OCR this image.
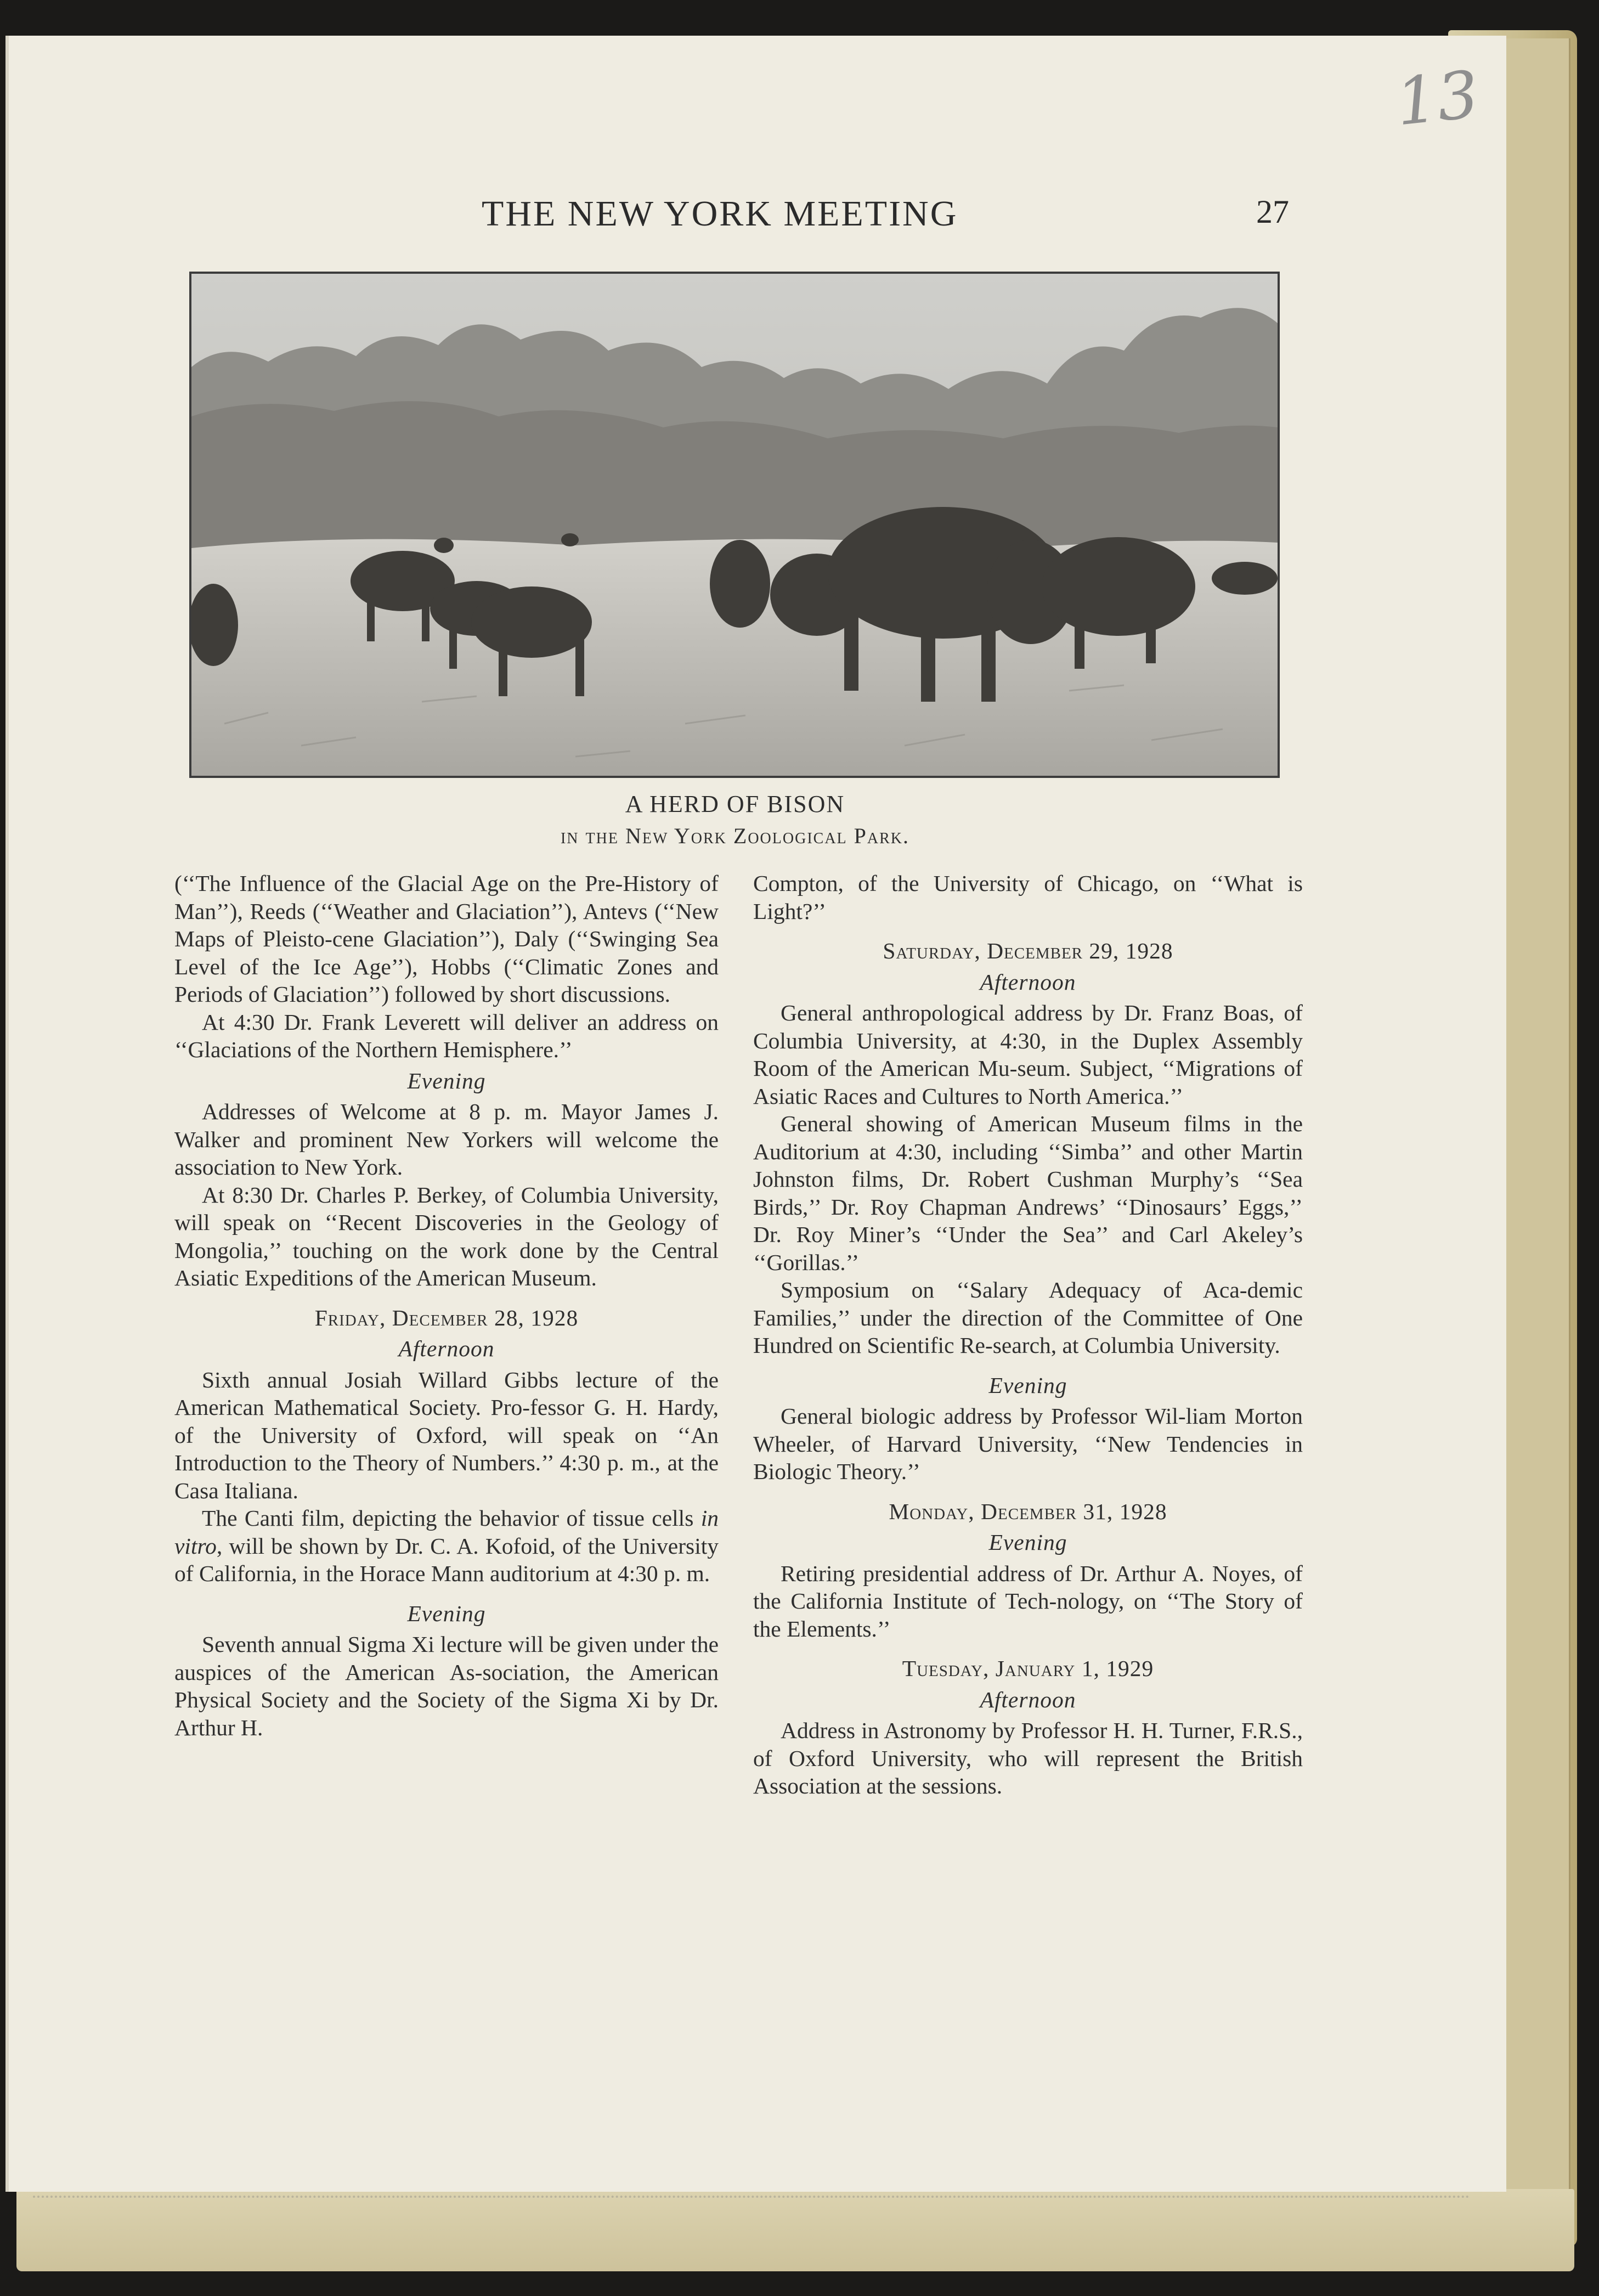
13
THE NEW YORK MEETING	27
A HERD OF BISON
in the New York Zoological Park.

(‘‘The Influence of the Glacial Age on the Pre-History of Man’’), Reeds (‘‘Weather and Glaciation’’), Antevs (‘‘New Maps of Pleisto-cene Glaciation’’), Daly (‘‘Swinging Sea Level of the Ice Age’’), Hobbs (‘‘Climatic Zones and Periods of Glaciation’’) followed by short discussions.

At 4:30 Dr. Frank Leverett will deliver an address on ‘‘Glaciations of the Northern Hemisphere.’’

Evening

Addresses of Welcome at 8 p. m. Mayor James J. Walker and prominent New Yorkers will welcome the association to New York.

At 8:30 Dr. Charles P. Berkey, of Columbia University, will speak on ‘‘Recent Discoveries in the Geology of Mongolia,’’ touching on the work done by the Central Asiatic Expeditions of the American Museum.

Friday, December 28, 1928
Afternoon

Sixth annual Josiah Willard Gibbs lecture of the American Mathematical Society. Pro-fessor G. H. Hardy, of the University of Oxford, will speak on ‘‘An Introduction to the Theory of Numbers.’’ 4:30 p. m., at the Casa Italiana.

The Canti film, depicting the behavior of tissue cells in vitro, will be shown by Dr. C. A. Kofoid, of the University of California, in the Horace Mann auditorium at 4:30 p. m.

Evening

Seventh annual Sigma Xi lecture will be given under the auspices of the American As-sociation, the American Physical Society and the Society of the Sigma Xi by Dr. Arthur H.

Compton, of the University of Chicago, on ‘‘What is Light?’’

Saturday, December 29, 1928
Afternoon

General anthropological address by Dr. Franz Boas, of Columbia University, at 4:30, in the Duplex Assembly Room of the American Mu-seum. Subject, ‘‘Migrations of Asiatic Races and Cultures to North America.’’

General showing of American Museum films in the Auditorium at 4:30, including ‘‘Simba’’ and other Martin Johnston films, Dr. Robert Cushman Murphy’s ‘‘Sea Birds,’’ Dr. Roy Chapman Andrews’ ‘‘Dinosaurs’ Eggs,’’ Dr. Roy Miner’s ‘‘Under the Sea’’ and Carl Akeley’s ‘‘Gorillas.’’

Symposium on ‘‘Salary Adequacy of Aca-demic Families,’’ under the direction of the Committee of One Hundred on Scientific Re-search, at Columbia University.

Evening

General biologic address by Professor Wil-liam Morton Wheeler, of Harvard University, ‘‘New Tendencies in Biologic Theory.’’

Monday, December 31, 1928
Evening

Retiring presidential address of Dr. Arthur A. Noyes, of the California Institute of Tech-nology, on ‘‘The Story of the Elements.’’

Tuesday, January 1, 1929
Afternoon

Address in Astronomy by Professor H. H. Turner, F.R.S., of Oxford University, who will represent the British Association at the sessions.
